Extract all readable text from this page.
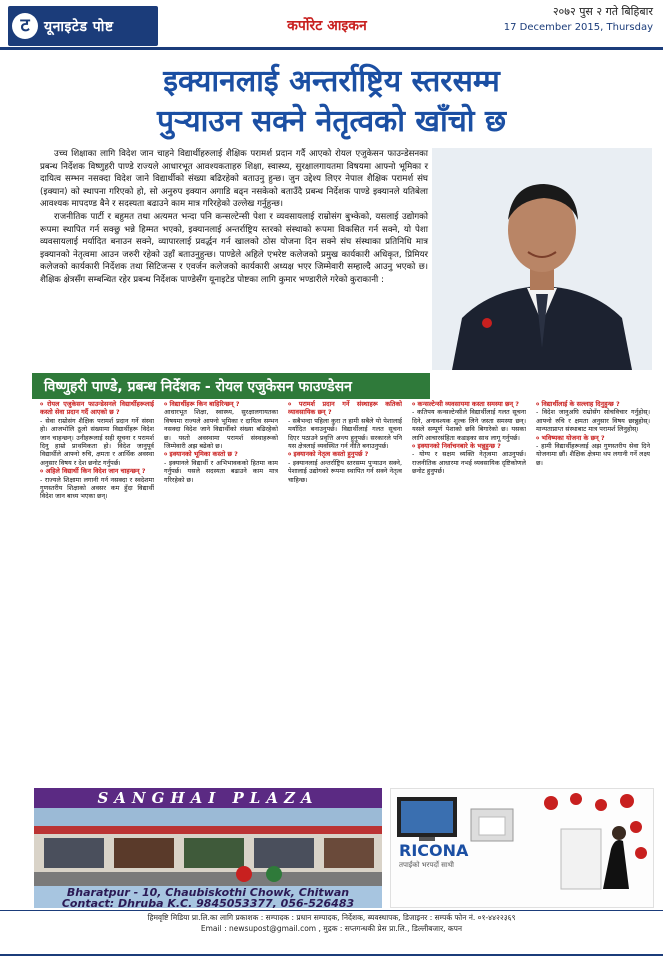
ट	यूनाइटेड पोष्ट	कर्पोरेट आइकन
२०७२ पुस २ गते बिहिबार
17 December 2015, Thursday
इक्यानलाई अन्तर्राष्ट्रिय स्तरसम्म
पुऱ्याउन सक्ने नेतृत्वको खाँचो छ

उच्च शिक्षाका लागि विदेश जान चाहने विद्यार्थीहरुलाई शैक्षिक परामर्श प्रदान गर्दै आएको रोयल एजुकेसन फाउन्डेसनका प्रबन्ध निर्देशक विष्णुहरी पाण्डे राज्यले आधारभूत आवश्यकताहरु शिक्षा, स्वास्थ्य, सुरक्षालगायतमा विषयमा आफ्नो भूमिका र दायित्व सम्भन नसक्दा विदेश जाने विद्यार्थीको संख्या बढिरहेको बताउनु हुन्छ। जुन उद्देश्य लिएर नेपाल शैक्षिक परामर्श संघ (इक्यान) को स्थापना गरिएको हो, सो अनुरुप इक्यान अगाडि बढ्न नसकेको बताउँदै प्रबन्ध निर्देशक पाण्डे इक्यानले यतिबेला आवश्यक मापदण्ड बैने र सदस्यता बढाउने काम मात्र गरिरहेको उल्लेख गर्नुहुन्छ।

राजनीतिक पार्टी र बहुमत तथा अत्यमत भन्दा पनि कन्सल्टेन्सी पेशा र व्यवसायलाई राम्रोसंग बुभ्केको, यसलाई उद्योगको रूपमा स्थापित गर्न सक्छु भन्ने हिम्मत भएको, इक्यानलाई अन्तर्राष्ट्रिय स्तरको संस्थाको रूपमा विकसित गर्न सक्ने, यो पेशा व्यवसायलाई मर्यादित बनाउन सक्ने, व्यापारलाई प्रवर्द्धन गर्न खालको ठोस योजना दिन सक्ने संघ संस्थाका प्रतिनिधि मात्र इक्यानको नेतृत्वमा आउन जरुरी रहेको उहाँ बताउनुहुन्छ। पाण्डेले अहिले एभरेष्ट कलेजको प्रमुख कार्यकारी अधिकृत, प्रिमियर कलेजको कार्यकारी निर्देशक तथा सिटिजन्स र एवर्जन कलेजको कार्यकारी अध्यक्ष भएर जिम्मेवारी सम्हाल्दै आउनु भएको छ। शैक्षिक क्षेत्रसँग सम्बन्धित रहेर प्रबन्ध निर्देशक पाण्डेसँग यूनाइटेड पोष्टका लागि कुमार भण्डारीले गरेको कुराकानी :

विष्णुहरी पाण्डे, प्रबन्ध निर्देशक - रोयल एजुकेसन फाउण्डेसन
० रोयल एजुकेसन फाउन्डेसनले विद्यार्थीहरूलाई कस्तो सेवा प्रदान गर्दै आएको छ ?
- सेवा राम्रोसंग शैक्षिक परामर्श प्रदान गर्ने संस्था हो। आजभोलि ठूलो संख्यामा विद्यार्थीहरू विदेश जान चाहन्छन्। उनीहरूलाई सही सूचना र परामर्श दिनु हाम्रो प्राथमिकता हो। विदेश जानुपूर्व विद्यार्थीले आफ्नो रुचि, क्षमता र आर्थिक अवस्था अनुसार विषय र देश छनोट गर्नुपर्छ।
० अहिले विद्यार्थी किन विदेश जान चाहन्छन् ?
- राज्यले शिक्षामा लगानी गर्न नसक्दा र स्वदेशमा गुणस्तरीय शिक्षाको अवसर कम हुँदा विद्यार्थी विदेश जान बाध्य भएका छन्।
० विद्यार्थीहरू किन बाहिरिन्छन् ?
आधारभूत शिक्षा, स्वास्थ्य, सुरक्षालगायतका विषयमा राज्यले आफ्नो भूमिका र दायित्व सम्भन नसक्दा विदेश जाने विद्यार्थीको संख्या बढिरहेको छ। यस्तो अवस्थामा परामर्श संस्थाहरूको जिम्मेवारी अझ बढेको छ।
० इक्यानको भूमिका कस्तो छ ?
- इक्यानले विद्यार्थी र अभिभावकको हितमा काम गर्नुपर्छ। यसले सदस्यता बढाउने काम मात्र गरिरहेको छ।
० परामर्श प्रदान गर्ने संस्थाहरू कतिको व्यावसायिक छन् ?
- सबैभन्दा पहिला कुरा त हामी सबैले यो पेशालाई मर्यादित बनाउनुपर्छ। विद्यार्थीलाई गलत सूचना दिएर पठाउने प्रवृत्ति अन्त्य हुनुपर्छ। सरकारले पनि यस क्षेत्रलाई व्यवस्थित गर्न नीति बनाउनुपर्छ।
० इक्यानको नेतृत्व कस्तो हुनुपर्छ ?
- इक्यानलाई अन्तर्राष्ट्रिय स्तरसम्म पुऱ्याउन सक्ने, पेशालाई उद्योगको रूपमा स्थापित गर्न सक्ने नेतृत्व चाहिन्छ।
० कन्सल्टेन्सी व्यवसायमा कस्ता समस्या छन् ?
- कतिपय कन्सल्टेन्सीले विद्यार्थीलाई गलत सूचना दिने, अनावश्यक शुल्क लिने जस्ता समस्या छन्। यसले सम्पूर्ण पेशाको छवि बिगारेको छ। यसका लागि आचारसंहिता कडाइका साथ लागू गर्नुपर्छ।
० इक्यानको निर्वाचनबारे के भन्नुहुन्छ ?
- योग्य र सक्षम व्यक्ति नेतृत्वमा आउनुपर्छ। राजनीतिक आधारमा नभई व्यवसायिक दृष्टिकोणले छनोट हुनुपर्छ।
० विद्यार्थीलाई के सल्लाह दिनुहुन्छ ?
- विदेश जानुअघि राम्रोसँग सोचविचार गर्नुहोस्। आफ्नो रुचि र क्षमता अनुसार विषय छान्नुहोस्। मान्यताप्राप्त संस्थाबाट मात्र परामर्श लिनुहोस्।
० भविष्यका योजना के छन् ?
- हामी विद्यार्थीहरूलाई अझ गुणस्तरीय सेवा दिने योजनामा छौं। शैक्षिक क्षेत्रमा थप लगानी गर्ने लक्ष्य छ।
SANGHAI PLAZA
Bharatpur - 10, Chaubiskothi Chowk, Chitwan
Contact: Dhruba K.C. 9845053377, 056-526483
RICONA
तपाईंको भरपर्दो साथी
हिमवृष्टि मिडिया प्रा.लि.का लागि प्रकाशक : सम्पादक : प्रधान सम्पादक, निर्देशक, ब्यवस्थापक, डिजाइनर : सम्पर्क फोन नं. ०१-४४२२३६९
Email : newsupost@gmail.com , मुद्रक : सप्तगन्धकी प्रेस प्रा.लि., डिल्लीबजार, कपन
